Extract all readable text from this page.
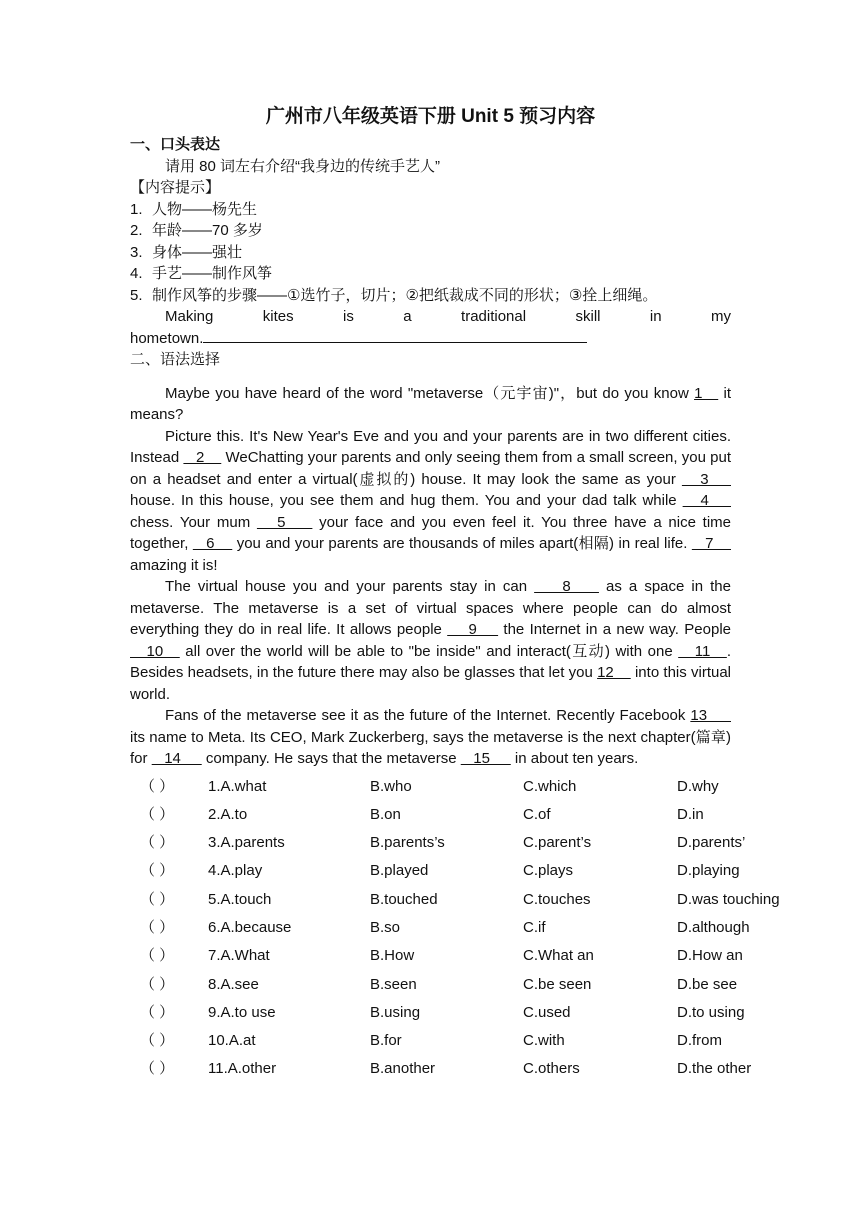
广州市八年级英语下册 Unit 5 预习内容
一、口头表达
请用 80 词左右介绍“我身边的传统手艺人”
【内容提示】
1. 人物——杨先生
2. 年龄——70 多岁
3. 身体——强壮
4. 手艺——制作风筝
5. 制作风筝的步骤——①选竹子，切片；②把纸裁成不同的形状；③拴上细绳。
Making kites is a traditional skill in my
hometown.
二、语法选择

Maybe you have heard of the word "metaverse（元宇宙)"，but do you know 1    it means?

Picture this. It's New Year's Eve and you and your parents are in two different cities. Instead    2     WeChatting your parents and only seeing them from a small screen, you put on a headset and enter a virtual(虚拟的) house. It may look the same as your    3     house. In this house, you see them and hug them. You and your dad talk while    4     chess. Your mum    5     your face and you even feel it. You three have a nice time together,    6     you and your parents are thousands of miles apart(相隔) in real life.    7     amazing it is!

The virtual house you and your parents stay in can     8     as a space in the metaverse. The metaverse is a set of virtual spaces where people can do almost everything they do in real life. It allows people     9     the Internet in a new way. People    10    all over the world will be able to "be inside" and interact(互动) with one    11   . Besides headsets, in the future there may also be glasses that let you 12     into this virtual world.

Fans of the metaverse see it as the future of the Internet. Recently Facebook 13      its name to Meta. Its CEO, Mark Zuckerberg, says the metaverse is the next chapter(篇章) for    14      company. He says that the metaverse    15      in about ten years.

（ ） 1.A.what	B.who	C.which	D.why
（ ） 2.A.to	B.on	C.of	D.in
（ ） 3.A.parents	B.parents’s	C.parent’s	D.parents’
（ ） 4.A.play	B.played	C.plays	D.playing
（ ） 5.A.touch	B.touched	C.touches	D.was touching
（ ） 6.A.because	B.so	C.if	D.although
（ ） 7.A.What	B.How	C.What an	D.How an
（ ） 8.A.see	B.seen	C.be seen	D.be see
（ ） 9.A.to use	B.using	C.used	D.to using
（ ） 10.A.at	B.for	C.with	D.from
（ ） 11.A.other	B.another	C.others	D.the other
